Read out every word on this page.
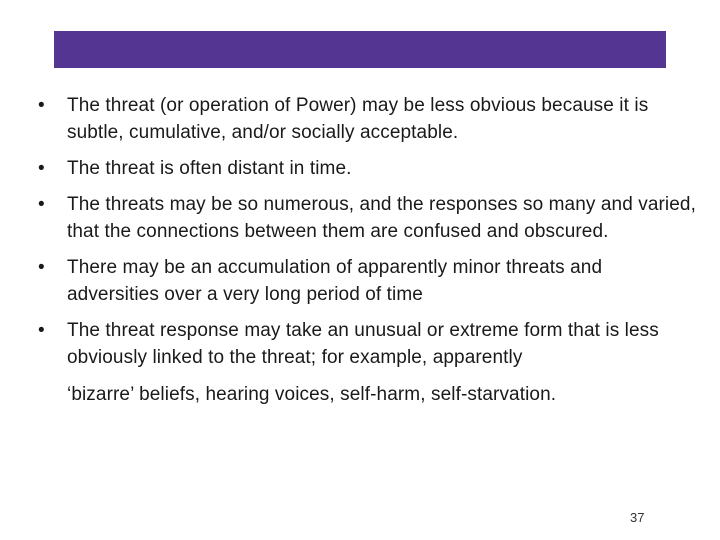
• The threat (or operation of Power) may be less obvious because it is subtle, cumulative, and/or socially acceptable.
• The threat is often distant in time.
• The threats may be so numerous, and the responses so many and varied, that the connections between them are confused and obscured.
• There may be an accumulation of apparently minor threats and adversities over a very long period of time
• The threat response may take an unusual or extreme form that is less obviously linked to the threat; for example, apparently
‘bizarre’ beliefs, hearing voices, self-harm, self-starvation.
37
